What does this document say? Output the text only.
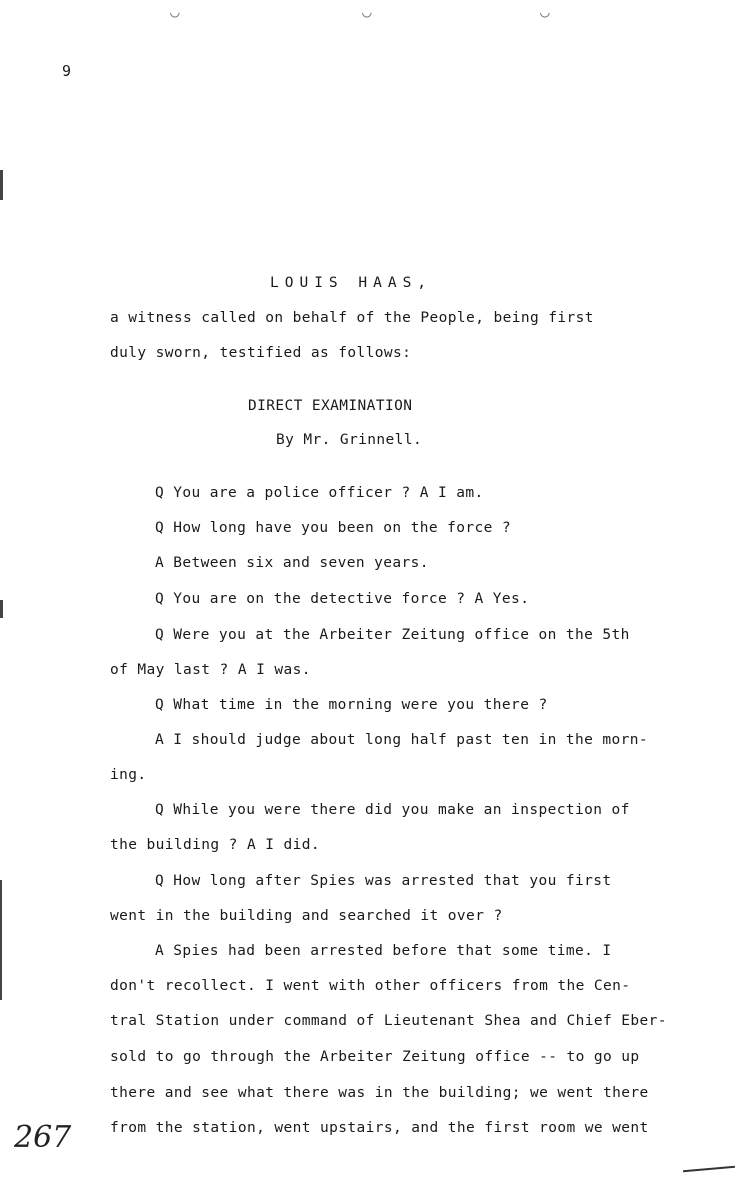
◡	◡	◡
9
LOUIS HAAS,
a witness called on behalf of the People, being first
duly sworn, testified as follows:
DIRECT EXAMINATION
By Mr. Grinnell.
Q You are a police officer ? A I am.
Q How long have you been on the force ?
A Between six and seven years.
Q You are on the detective force ? A Yes.
Q Were you at the Arbeiter Zeitung office on the 5th
of May last ? A I was.
Q What time in the morning were you there ?
A I should judge about long half past ten in the morn-
ing.
Q While you were there did you make an inspection of
the building ? A I did.
Q How long after Spies was arrested that you first
went in the building and searched it over ?
A Spies had been arrested before that some time. I
don't recollect. I went with other officers from the Cen-
tral Station under command of Lieutenant Shea and Chief Eber-
sold to go through the Arbeiter Zeitung office -- to go up
there and see what there was in the building; we went there
from the station, went upstairs, and the first room we went
267
